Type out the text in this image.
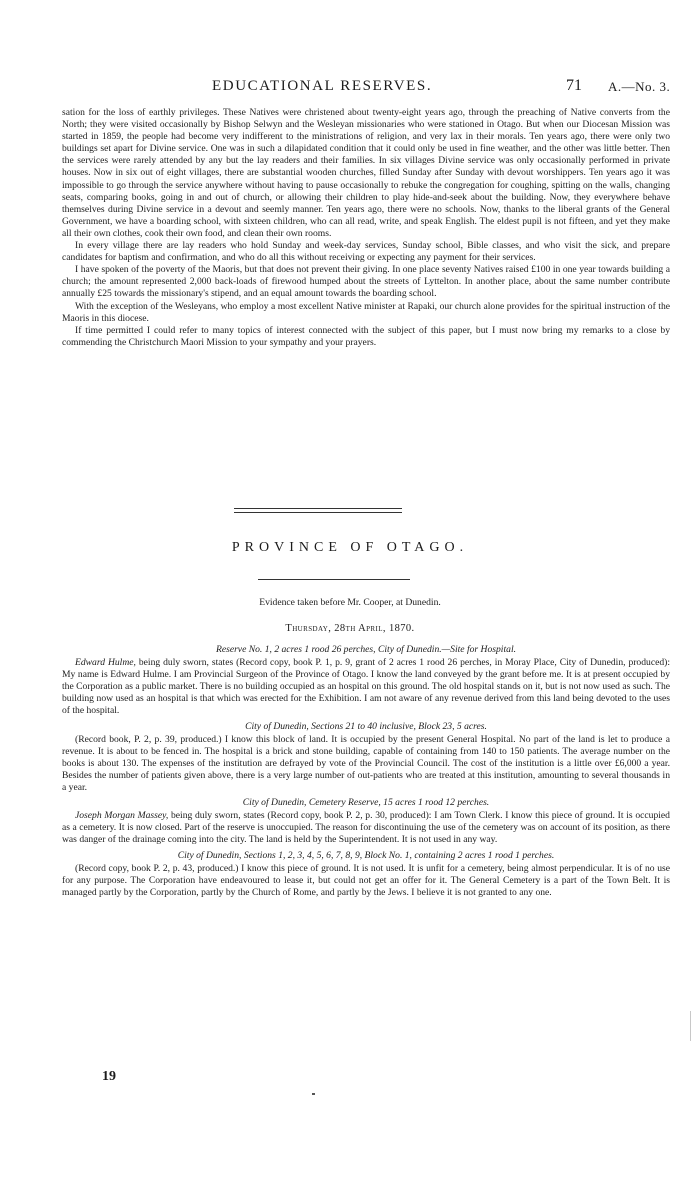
EDUCATIONAL RESERVES.	71 A.—No. 3.

sation for the loss of earthly privileges. These Natives were christened about twenty-eight years ago, through the preaching of Native converts from the North; they were visited occasionally by Bishop Selwyn and the Wesleyan missionaries who were stationed in Otago. But when our Diocesan Mission was started in 1859, the people had become very indifferent to the ministrations of religion, and very lax in their morals. Ten years ago, there were only two buildings set apart for Divine service. One was in such a dilapidated condition that it could only be used in fine weather, and the other was little better. Then the services were rarely attended by any but the lay readers and their families. In six villages Divine service was only occasionally performed in private houses. Now in six out of eight villages, there are substantial wooden churches, filled Sunday after Sunday with devout worshippers. Ten years ago it was impossible to go through the service anywhere without having to pause occasionally to rebuke the congregation for coughing, spitting on the walls, changing seats, comparing books, going in and out of church, or allowing their children to play hide-and-seek about the building. Now, they everywhere behave themselves during Divine service in a devout and seemly manner. Ten years ago, there were no schools. Now, thanks to the liberal grants of the General Government, we have a boarding school, with sixteen children, who can all read, write, and speak English. The eldest pupil is not fifteen, and yet they make all their own clothes, cook their own food, and clean their own rooms.

In every village there are lay readers who hold Sunday and week-day services, Sunday school, Bible classes, and who visit the sick, and prepare candidates for baptism and confirmation, and who do all this without receiving or expecting any payment for their services.

I have spoken of the poverty of the Maoris, but that does not prevent their giving. In one place seventy Natives raised £100 in one year towards building a church; the amount represented 2,000 back-loads of firewood humped about the streets of Lyttelton. In another place, about the same number contribute annually £25 towards the missionary's stipend, and an equal amount towards the boarding school.

With the exception of the Wesleyans, who employ a most excellent Native minister at Rapaki, our church alone provides for the spiritual instruction of the Maoris in this diocese.

If time permitted I could refer to many topics of interest connected with the subject of this paper, but I must now bring my remarks to a close by commending the Christchurch Maori Mission to your sympathy and your prayers.

PROVINCE OF OTAGO.
Evidence taken before Mr. Cooper, at Dunedin.
Thursday, 28th April, 1870.

Reserve No. 1, 2 acres 1 rood 26 perches, City of Dunedin.—Site for Hospital.

Edward Hulme, being duly sworn, states (Record copy, book P. 1, p. 9, grant of 2 acres 1 rood 26 perches, in Moray Place, City of Dunedin, produced): My name is Edward Hulme. I am Provincial Surgeon of the Province of Otago. I know the land conveyed by the grant before me. It is at present occupied by the Corporation as a public market. There is no building occupied as an hospital on this ground. The old hospital stands on it, but is not now used as such. The building now used as an hospital is that which was erected for the Exhibition. I am not aware of any revenue derived from this land being devoted to the uses of the hospital.

City of Dunedin, Sections 21 to 40 inclusive, Block 23, 5 acres.

(Record book, P. 2, p. 39, produced.) I know this block of land. It is occupied by the present General Hospital. No part of the land is let to produce a revenue. It is about to be fenced in. The hospital is a brick and stone building, capable of containing from 140 to 150 patients. The average number on the books is about 130. The expenses of the institution are defrayed by vote of the Provincial Council. The cost of the institution is a little over £6,000 a year. Besides the number of patients given above, there is a very large number of out-patients who are treated at this institution, amounting to several thousands in a year.

City of Dunedin, Cemetery Reserve, 15 acres 1 rood 12 perches.

Joseph Morgan Massey, being duly sworn, states (Record copy, book P. 2, p. 30, produced): I am Town Clerk. I know this piece of ground. It is occupied as a cemetery. It is now closed. Part of the reserve is unoccupied. The reason for discontinuing the use of the cemetery was on account of its position, as there was danger of the drainage coming into the city. The land is held by the Superintendent. It is not used in any way.

City of Dunedin, Sections 1, 2, 3, 4, 5, 6, 7, 8, 9, Block No. 1, containing 2 acres 1 rood 1 perches.

(Record copy, book P. 2, p. 43, produced.) I know this piece of ground. It is not used. It is unfit for a cemetery, being almost perpendicular. It is of no use for any purpose. The Corporation have endeavoured to lease it, but could not get an offer for it. The General Cemetery is a part of the Town Belt. It is managed partly by the Corporation, partly by the Church of Rome, and partly by the Jews. I believe it is not granted to any one.

19
